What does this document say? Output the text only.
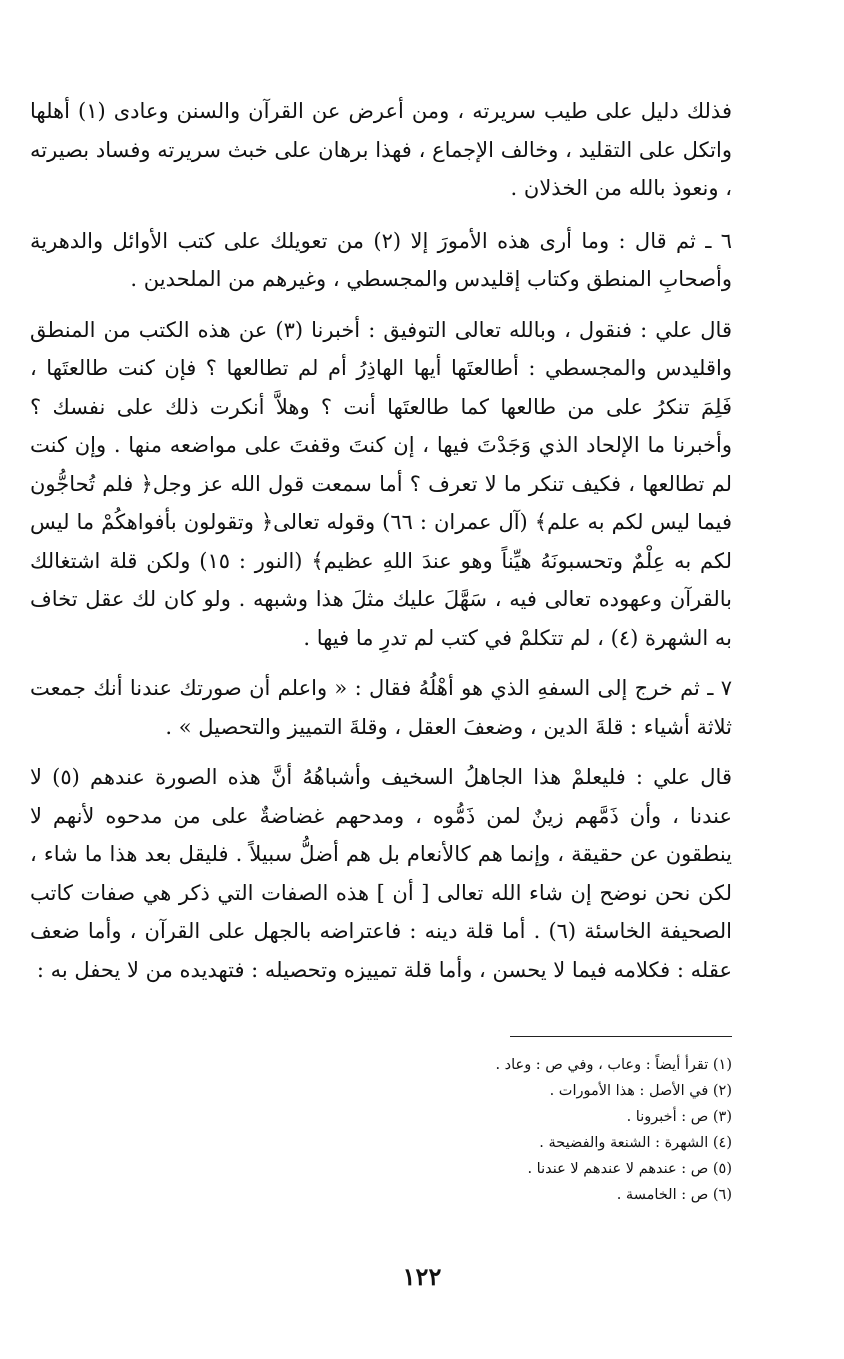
فذلك دليل على طيب سريرته ، ومن أعرض عن القرآن والسنن وعادى (١) أهلها واتكل على التقليد ، وخالف الإجماع ، فهذا برهان على خبث سريرته وفساد بصيرته ، ونعوذ بالله من الخذلان .

٦ ـ ثم قال : وما أرى هذه الأمورَ إلا (٢) من تعويلك على كتب الأوائل والدهرية وأصحابِ المنطق وكتاب إقليدس والمجسطي ، وغيرهم من الملحدين .

قال علي : فنقول ، وبالله تعالى التوفيق : أخبرنا (٣) عن هذه الكتب من المنطق واقليدس والمجسطي : أطالعتَها أيها الهاذِرُ أم لم تطالعها ؟ فإن كنت طالعتَها ، فَلِمَ تنكرُ على من طالعها كما طالعتَها أنت ؟ وهلاَّ أنكرت ذلك على نفسك ؟ وأخبرنا ما الإلحاد الذي وَجَدْتَ فيها ، إن كنتَ وقفتَ على مواضعه منها . وإن كنت لم تطالعها ، فكيف تنكر ما لا تعرف ؟ أما سمعت قول الله عز وجل﴿ فلم تُحاجُّون فيما ليس لكم به علم﴾ (آل عمران : ٦٦) وقوله تعالى﴿ وتقولون بأفواهكُمْ ما ليس لكم به عِلْمٌ وتحسبونَهُ هيِّناً وهو عندَ اللهِ عظيم﴾ (النور : ١٥) ولكن قلة اشتغالك بالقرآن وعهوده تعالى فيه ، سَهَّلَ عليك مثلَ هذا وشبهه . ولو كان لك عقل تخاف به الشهرة (٤) ، لم تتكلمْ في كتب لم تدرِ ما فيها .

٧ ـ ثم خرج إلى السفهِ الذي هو أهْلُهُ فقال : « واعلم أن صورتك عندنا أنك جمعت ثلاثة أشياء : قلةَ الدين ، وضعفَ العقل ، وقلةَ التمييز والتحصيل » .

قال علي : فليعلمْ هذا الجاهلُ السخيف وأشباهُهُ أنَّ هذه الصورة عندهم (٥) لا عندنا ، وأن ذَمَّهم زينٌ لمن ذَمُّوه ، ومدحهم غضاضةٌ على من مدحوه لأنهم لا ينطقون عن حقيقة ، وإنما هم كالأنعام بل هم أضلُّ سبيلاً . فليقل بعد هذا ما شاء ، لكن نحن نوضح إن شاء الله تعالى [ أن ] هذه الصفات التي ذكر هي صفات كاتب الصحيفة الخاسئة (٦) . أما قلة دينه : فاعتراضه بالجهل على القرآن ، وأما ضعف عقله : فكلامه فيما لا يحسن ، وأما قلة تمييزه وتحصيله : فتهديده من لا يحفل به :

(١) تقرأ أيضاً : وعاب ، وفي ص : وعاد .
(٢) في الأصل : هذا الأمورات .
(٣) ص : أخبرونا .
(٤) الشهرة : الشنعة والفضيحة .
(٥) ص : عندهم لا عندهم لا عندنا .
(٦) ص : الخامسة .
١٢٢
